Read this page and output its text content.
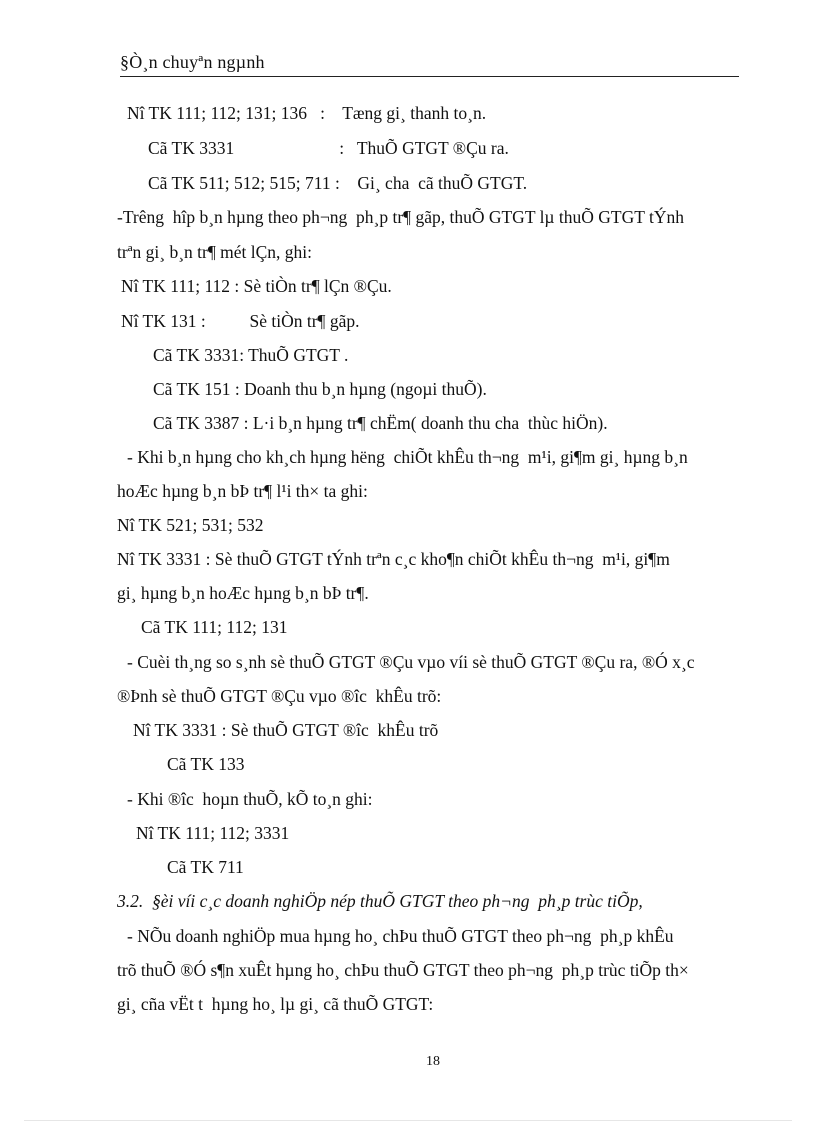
§Ò¸n chuyªn ngµnh
Nî TK 111; 112; 131; 136   :    Tæng gi¸ thanh to¸n.
Cã TK 3331                        :   ThuÕ GTGT ®Çu ra.
Cã TK 511; 512; 515; 711 :    Gi¸ cha  cã thuÕ GTGT.
-Trêng  hîp b¸n hµng theo ph¬ng  ph¸p tr¶ gãp, thuÕ GTGT lµ thuÕ GTGT tÝnh
trªn gi¸ b¸n tr¶ mét lÇn, ghi:
Nî TK 111; 112 : Sè tiÒn tr¶ lÇn ®Çu.
Nî TK 131 :          Sè tiÒn tr¶ gãp.
Cã TK 3331: ThuÕ GTGT .
Cã TK 151 : Doanh thu b¸n hµng (ngoµi thuÕ).
Cã TK 3387 : L·i b¸n hµng tr¶ chËm( doanh thu cha  thùc hiÖn).
- Khi b¸n hµng cho kh¸ch hµng hëng  chiÕt khÊu th¬ng  m¹i, gi¶m gi¸ hµng b¸n
hoÆc hµng b¸n bÞ tr¶ l¹i th× ta ghi:
Nî TK 521; 531; 532
Nî TK 3331 : Sè thuÕ GTGT tÝnh trªn c¸c kho¶n chiÕt khÊu th¬ng  m¹i, gi¶m
gi¸ hµng b¸n hoÆc hµng b¸n bÞ tr¶.
Cã TK 111; 112; 131
- Cuèi th¸ng so s¸nh sè thuÕ GTGT ®Çu vµo víi sè thuÕ GTGT ®Çu ra, ®Ó x¸c
®Þnh sè thuÕ GTGT ®Çu vµo ®îc  khÊu trõ:
Nî TK 3331 : Sè thuÕ GTGT ®îc  khÊu trõ
Cã TK 133
- Khi ®îc  hoµn thuÕ, kÕ to¸n ghi:
Nî TK 111; 112; 3331
Cã TK 711
3.2.  §èi víi c¸c doanh nghiÖp nép thuÕ GTGT theo ph¬ng  ph¸p trùc tiÕp,
- NÕu doanh nghiÖp mua hµng ho¸ chÞu thuÕ GTGT theo ph¬ng  ph¸p khÊu
trõ thuÕ ®Ó s¶n xuÊt hµng ho¸ chÞu thuÕ GTGT theo ph¬ng  ph¸p trùc tiÕp th×
gi¸ cña vËt t  hµng ho¸ lµ gi¸ cã thuÕ GTGT:
18
